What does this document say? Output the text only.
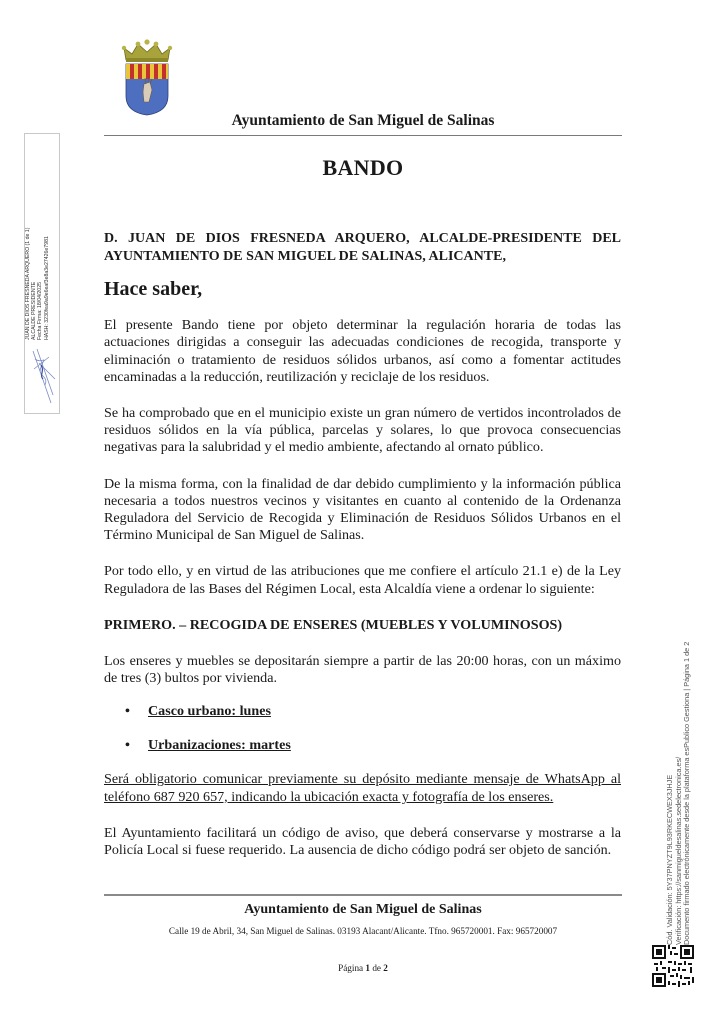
Ayuntamiento de San Miguel de Salinas
BANDO

D. JUAN DE DIOS FRESNEDA ARQUERO, ALCALDE-PRESIDENTE DEL AYUNTAMIENTO DE SAN MIGUEL DE SALINAS, ALICANTE,

Hace saber,

El presente Bando tiene por objeto determinar la regulación horaria de todas las actuaciones dirigidas a conseguir las adecuadas condiciones de recogida, transporte y eliminación o tratamiento de residuos sólidos urbanos, así como a fomentar actitudes encaminadas a la reducción, reutilización y reciclaje de los residuos.

Se ha comprobado que en el municipio existe un gran número de vertidos incontrolados de residuos sólidos en la vía pública, parcelas y solares, lo que provoca consecuencias negativas para la salubridad y el medio ambiente, afectando al ornato público.

De la misma forma, con la finalidad de dar debido cumplimiento y la información pública necesaria a todos nuestros vecinos y visitantes en cuanto al contenido de la Ordenanza Reguladora del Servicio de Recogida y Eliminación de Residuos Sólidos Urbanos en el Término Municipal de San Miguel de Salinas.

Por todo ello, y en virtud de las atribuciones que me confiere el artículo 21.1 e) de la Ley Reguladora de las Bases del Régimen Local, esta Alcaldía viene a ordenar lo siguiente:

PRIMERO. – RECOGIDA DE ENSERES (MUEBLES Y VOLUMINOSOS)

Los enseres y muebles se depositarán siempre a partir de las 20:00 horas, con un máximo de tres (3) bultos por vivienda.

• Casco urbano: lunes
• Urbanizaciones: martes

Será obligatorio comunicar previamente su depósito mediante mensaje de WhatsApp al teléfono 687 920 657, indicando la ubicación exacta y fotografía de los enseres.

El Ayuntamiento facilitará un código de aviso, que deberá conservarse y mostrarse a la Policía Local si fuese requerido. La ausencia de dicho código podrá ser objeto de sanción.

Ayuntamiento de San Miguel de Salinas
Calle 19 de Abril, 34, San Miguel de Salinas. 03193 Alacant/Alicante. Tfno. 965720001. Fax: 965720007
Página 1 de 2
JUAN DE DIOS FRESNEDA ARQUERO (1 de 1) ALCALDE PRESIDENTE Fecha Firma: 18/04/2025 HASH: 3230fea9a9e6eaf3e8a3e27426e7981
Cód. Validación: 5Y37PNYZT9L93RKECWEX3JHJE Verificación: https://sanmigueldesalinas.sedelectronica.es/ Documento firmado electrónicamente desde la plataforma esPublico Gestiona | Página 1 de 2
